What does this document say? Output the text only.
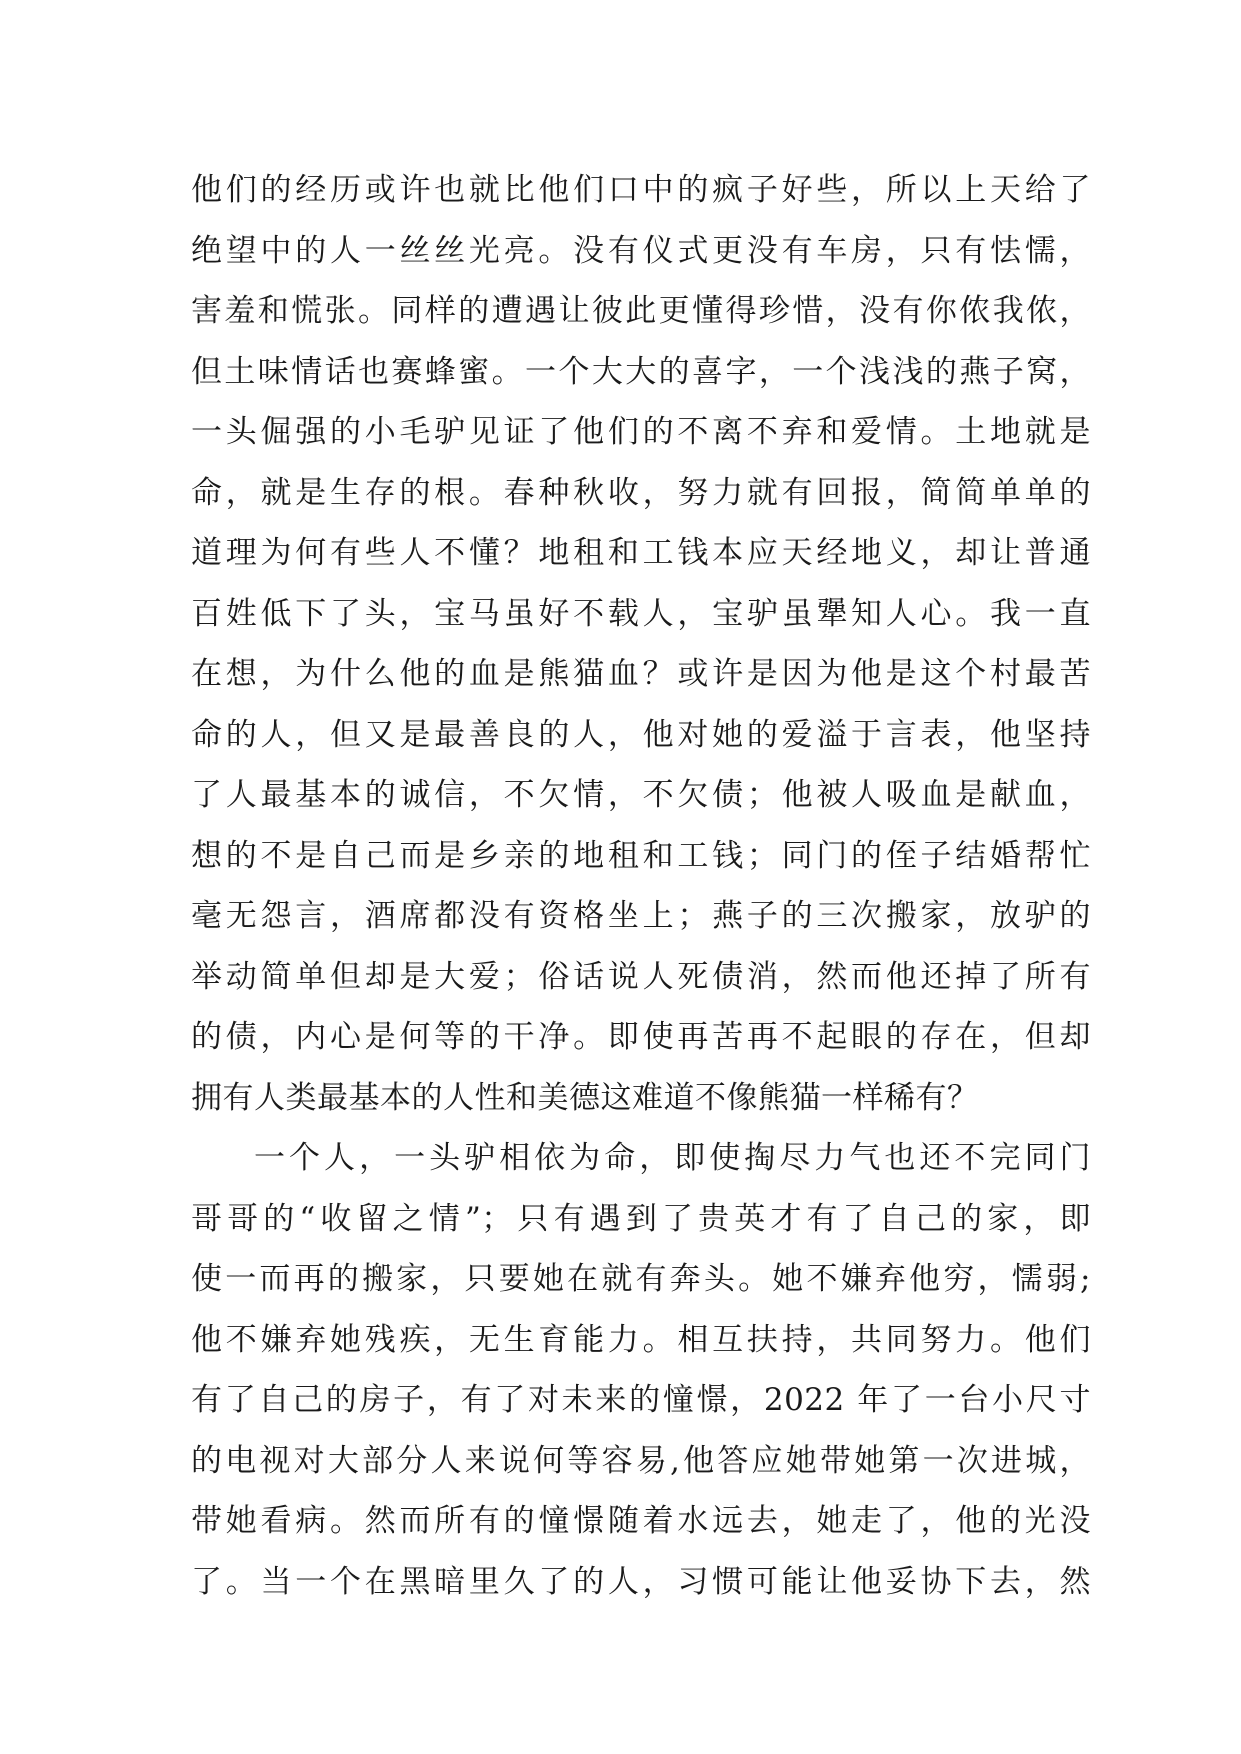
他们的经历或许也就比他们口中的疯子好些，所以上天给了
绝望中的人一丝丝光亮。没有仪式更没有车房，只有怯懦，
害羞和慌张。同样的遭遇让彼此更懂得珍惜，没有你侬我侬，
但土味情话也赛蜂蜜。一个大大的喜字，一个浅浅的燕子窝，
一头倔强的小毛驴见证了他们的不离不弃和爱情。土地就是
命，就是生存的根。春种秋收，努力就有回报，简简单单的
道理为何有些人不懂？地租和工钱本应天经地义，却让普通
百姓低下了头，宝马虽好不载人，宝驴虽犟知人心。我一直
在想，为什么他的血是熊猫血？或许是因为他是这个村最苦
命的人，但又是最善良的人，他对她的爱溢于言表，他坚持
了人最基本的诚信，不欠情，不欠债；他被人吸血是献血，
想的不是自己而是乡亲的地租和工钱；同门的侄子结婚帮忙
毫无怨言，酒席都没有资格坐上；燕子的三次搬家，放驴的
举动简单但却是大爱；俗话说人死债消，然而他还掉了所有
的债，内心是何等的干净。即使再苦再不起眼的存在，但却
拥有人类最基本的人性和美德这难道不像熊猫一样稀有？
一个人，一头驴相依为命，即使掏尽力气也还不完同门
哥哥的“收留之情”；只有遇到了贵英才有了自己的家，即
使一而再的搬家，只要她在就有奔头。她不嫌弃他穷，懦弱;
他不嫌弃她残疾，无生育能力。相互扶持，共同努力。他们
有了自己的房子，有了对未来的憧憬，2022 年了一台小尺寸
的电视对大部分人来说何等容易,他答应她带她第一次进城，
带她看病。然而所有的憧憬随着水远去，她走了，他的光没
了。当一个在黑暗里久了的人，习惯可能让他妥协下去，然
